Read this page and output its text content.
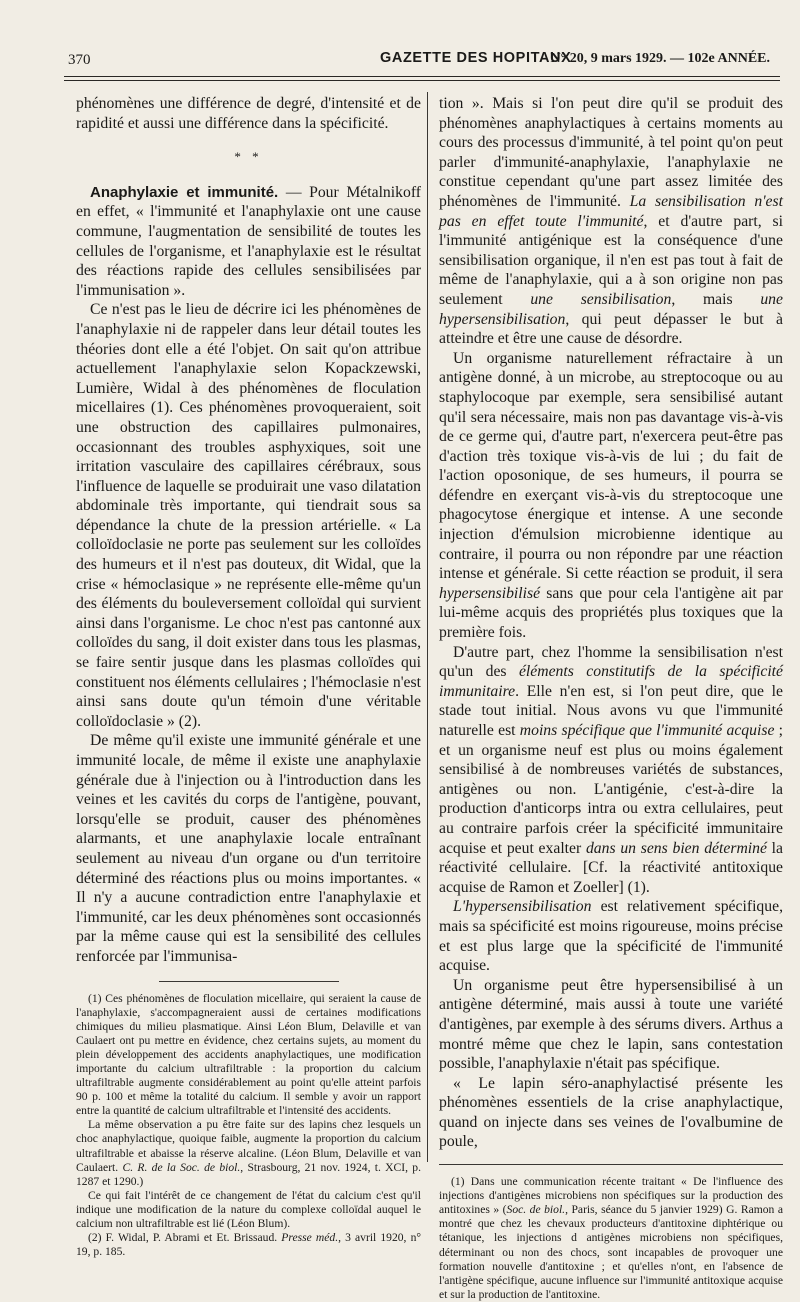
370	GAZETTE DES HOPITAUX
N° 20, 9 mars 1929. — 102e ANNÉE.

phénomènes une différence de degré, d'intensité et de rapidité et aussi une différence dans la spécificité.

* *

Anaphylaxie et immunité. — Pour Métalnikoff en effet, « l'immunité et l'anaphylaxie ont une cause commune, l'augmentation de sensibilité de toutes les cellules de l'organisme, et l'anaphylaxie est le résultat des réactions rapide des cellules sensibilisées par l'immunisation ».

Ce n'est pas le lieu de décrire ici les phénomènes de l'anaphylaxie ni de rappeler dans leur détail toutes les théories dont elle a été l'objet. On sait qu'on attribue actuellement l'anaphylaxie selon Kopackzewski, Lumière, Widal à des phénomènes de floculation micellaires (1). Ces phénomènes provoqueraient, soit une obstruction des capillaires pulmonaires, occasionnant des troubles asphyxiques, soit une irritation vasculaire des capillaires cérébraux, sous l'influence de laquelle se produirait une vaso dilatation abdominale très importante, qui tiendrait sous sa dépendance la chute de la pression artérielle. « La colloïdoclasie ne porte pas seulement sur les colloïdes des humeurs et il n'est pas douteux, dit Widal, que la crise « hémoclasique » ne représente elle-même qu'un des éléments du bouleversement colloïdal qui survient ainsi dans l'organisme. Le choc n'est pas cantonné aux colloïdes du sang, il doit exister dans tous les plasmas, se faire sentir jusque dans les plasmas colloïdes qui constituent nos éléments cellulaires ; l'hémoclasie n'est ainsi sans doute qu'un témoin d'une véritable colloïdoclasie » (2).

De même qu'il existe une immunité générale et une immunité locale, de même il existe une anaphylaxie générale due à l'injection ou à l'introduction dans les veines et les cavités du corps de l'antigène, pouvant, lorsqu'elle se produit, causer des phénomènes alarmants, et une anaphylaxie locale entraînant seulement au niveau d'un organe ou d'un territoire déterminé des réactions plus ou moins importantes. « Il n'y a aucune contradiction entre l'anaphylaxie et l'immunité, car les deux phénomènes sont occasionnés par la même cause qui est la sensibilité des cellules renforcée par l'immunisa-

(1) Ces phénomènes de floculation micellaire, qui seraient la cause de l'anaphylaxie, s'accompagneraient aussi de certaines modifications chimiques du milieu plasmatique. Ainsi Léon Blum, Delaville et van Caulaert ont pu mettre en évidence, chez certains sujets, au moment du plein développement des accidents anaphylactiques, une modification importante du calcium ultrafiltrable : la proportion du calcium ultrafiltrable augmente considérablement au point qu'elle atteint parfois 90 p. 100 et même la totalité du calcium. Il semble y avoir un rapport entre la quantité de calcium ultrafiltrable et l'intensité des accidents.

La même observation a pu être faite sur des lapins chez lesquels un choc anaphylactique, quoique faible, augmente la proportion du calcium ultrafiltrable et abaisse la réserve alcaline. (Léon Blum, Delaville et van Caulaert. C. R. de la Soc. de biol., Strasbourg, 21 nov. 1924, t. XCI, p. 1287 et 1290.)

Ce qui fait l'intérêt de ce changement de l'état du calcium c'est qu'il indique une modification de la nature du complexe colloïdal auquel le calcium non ultrafiltrable est lié (Léon Blum).

(2) F. Widal, P. Abrami et Et. Brissaud. Presse méd., 3 avril 1920, n° 19, p. 185.

tion ». Mais si l'on peut dire qu'il se produit des phénomènes anaphylactiques à certains moments au cours des processus d'immunité, à tel point qu'on peut parler d'immunité-anaphylaxie, l'anaphylaxie ne constitue cependant qu'une part assez limitée des phénomènes de l'immunité. La sensibilisation n'est pas en effet toute l'immunité, et d'autre part, si l'immunité antigénique est la conséquence d'une sensibilisation organique, il n'en est pas tout à fait de même de l'anaphylaxie, qui a à son origine non pas seulement une sensibilisation, mais une hypersensibilisation, qui peut dépasser le but à atteindre et être une cause de désordre.

Un organisme naturellement réfractaire à un antigène donné, à un microbe, au streptocoque ou au staphylocoque par exemple, sera sensibilisé autant qu'il sera nécessaire, mais non pas davantage vis-à-vis de ce germe qui, d'autre part, n'exercera peut-être pas d'action très toxique vis-à-vis de lui ; du fait de l'action oposonique, de ses humeurs, il pourra se défendre en exerçant vis-à-vis du streptocoque une phagocytose énergique et intense. A une seconde injection d'émulsion microbienne identique au contraire, il pourra ou non répondre par une réaction intense et générale. Si cette réaction se produit, il sera hypersensibilisé sans que pour cela l'antigène ait par lui-même acquis des propriétés plus toxiques que la première fois.

D'autre part, chez l'homme la sensibilisation n'est qu'un des éléments constitutifs de la spécificité immunitaire. Elle n'en est, si l'on peut dire, que le stade tout initial. Nous avons vu que l'immunité naturelle est moins spécifique que l'immunité acquise ; et un organisme neuf est plus ou moins également sensibilisé à de nombreuses variétés de substances, antigènes ou non. L'antigénie, c'est-à-dire la production d'anticorps intra ou extra cellulaires, peut au contraire parfois créer la spécificité immunitaire acquise et peut exalter dans un sens bien déterminé la réactivité cellulaire. [Cf. la réactivité antitoxique acquise de Ramon et Zoeller] (1).

L'hypersensibilisation est relativement spécifique, mais sa spécificité est moins rigoureuse, moins précise et est plus large que la spécificité de l'immunité acquise.

Un organisme peut être hypersensibilisé à un antigène déterminé, mais aussi à toute une variété d'antigènes, par exemple à des sérums divers. Arthus a montré même que chez le lapin, sans contestation possible, l'anaphylaxie n'était pas spécifique.

« Le lapin séro-anaphylactisé présente les phénomènes essentiels de la crise anaphylactique, quand on injecte dans ses veines de l'ovalbumine de poule,

(1) Dans une communication récente traitant « De l'influence des injections d'antigènes microbiens non spécifiques sur la production des antitoxines » (Soc. de biol., Paris, séance du 5 janvier 1929) G. Ramon a montré que chez les chevaux producteurs d'antitoxine diphtérique ou tétanique, les injections d antigènes microbiens non spécifiques, déterminant ou non des chocs, sont incapables de provoquer une formation nouvelle d'antitoxine ; et qu'elles n'ont, en l'absence de l'antigène spécifique, aucune influence sur l'immunité antitoxique acquise et sur la production de l'antitoxine.
